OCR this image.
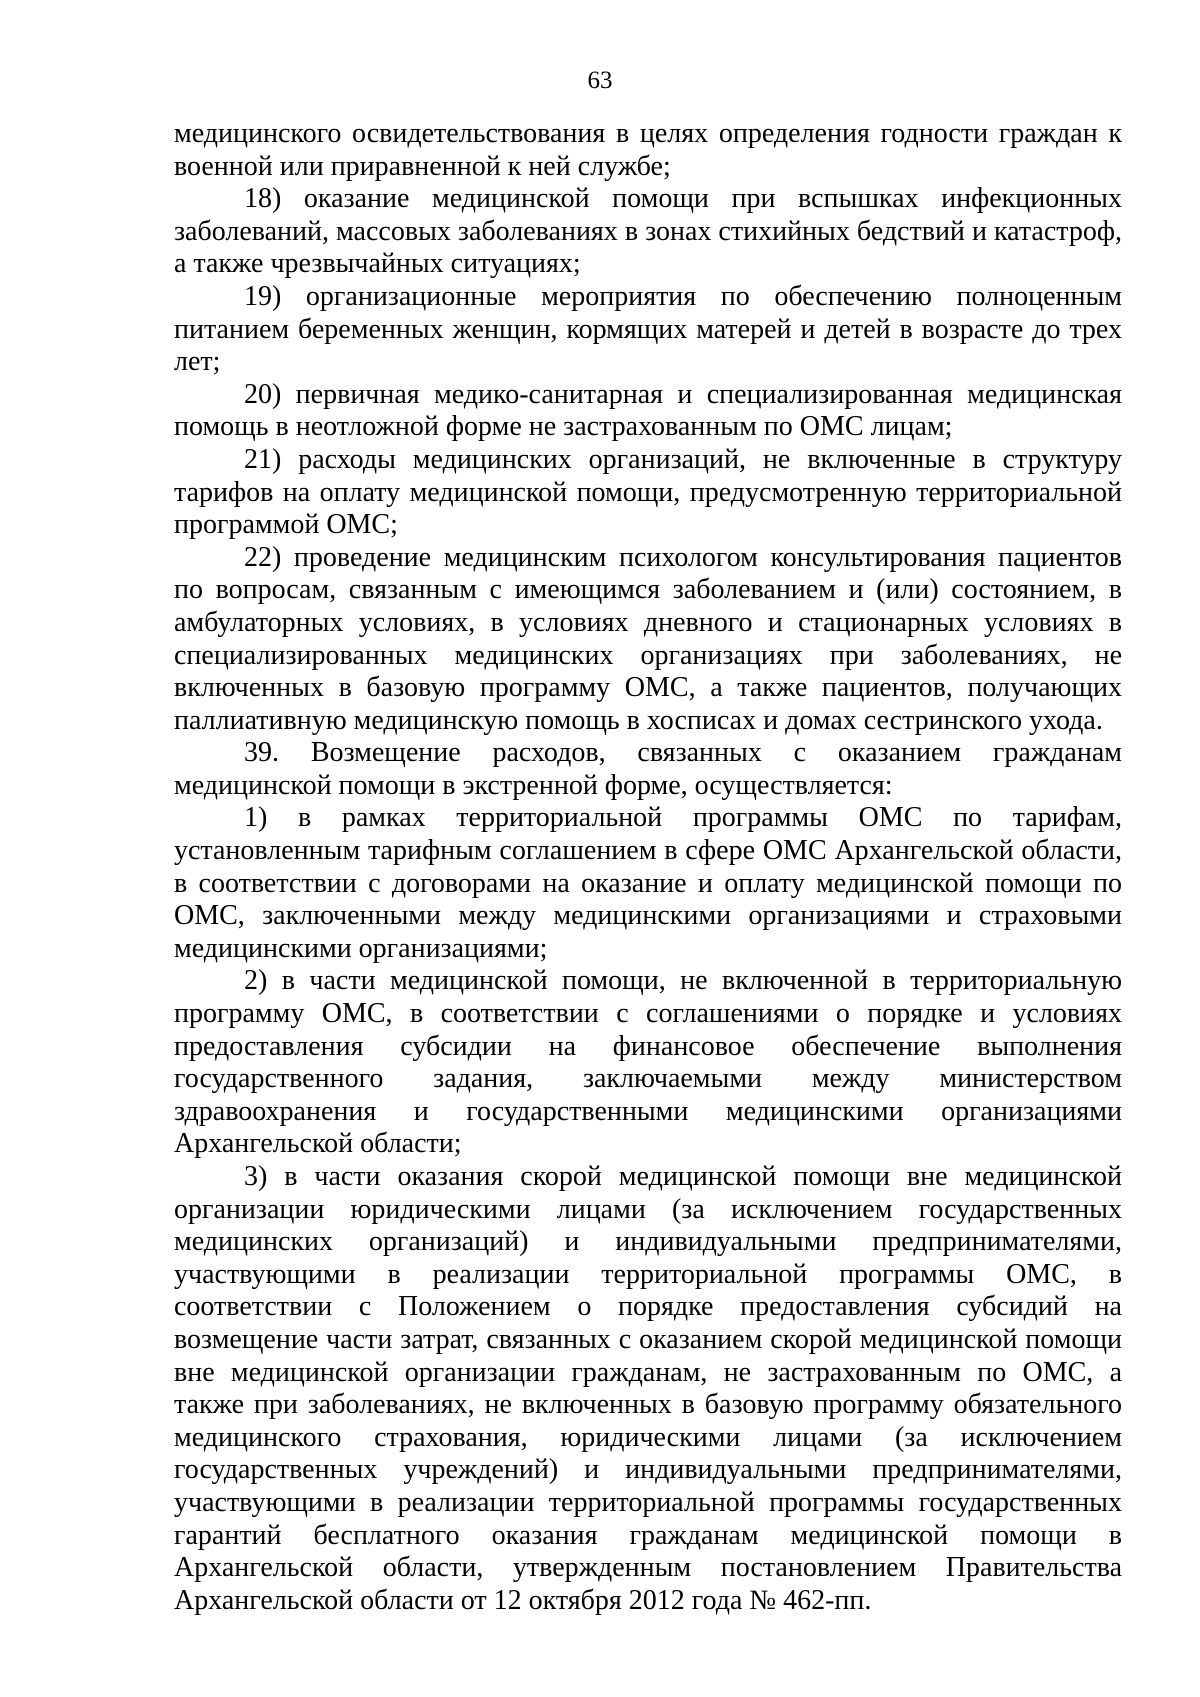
63

медицинского освидетельствования в целях определения годности граждан к военной или приравненной к ней службе;

18) оказание медицинской помощи при вспышках инфекционных заболеваний, массовых заболеваниях в зонах стихийных бедствий и катастроф, а также чрезвычайных ситуациях;

19) организационные мероприятия по обеспечению полноценным питанием беременных женщин, кормящих матерей и детей в возрасте до трех лет;

20) первичная медико-санитарная и специализированная медицинская помощь в неотложной форме не застрахованным по ОМС лицам;

21) расходы медицинских организаций, не включенные в структуру тарифов на оплату медицинской помощи, предусмотренную территориальной программой ОМС;

22) проведение медицинским психологом консультирования пациентов по вопросам, связанным с имеющимся заболеванием и (или) состоянием, в амбулаторных условиях, в условиях дневного и стационарных условиях в специализированных медицинских организациях при заболеваниях, не включенных в базовую программу ОМС, а также пациентов, получающих паллиативную медицинскую помощь в хосписах и домах сестринского ухода.

39. Возмещение расходов, связанных с оказанием гражданам медицинской помощи в экстренной форме, осуществляется:

1) в рамках территориальной программы ОМС по тарифам, установленным тарифным соглашением в сфере ОМС Архангельской области, в соответствии с договорами на оказание и оплату медицинской помощи по ОМС, заключенными между медицинскими организациями и страховыми медицинскими организациями;

2) в части медицинской помощи, не включенной в территориальную программу ОМС, в соответствии с соглашениями о порядке и условиях предоставления субсидии на финансовое обеспечение выполнения государственного задания, заключаемыми между министерством здравоохранения и государственными медицинскими организациями Архангельской области;

3) в части оказания скорой медицинской помощи вне медицинской организации юридическими лицами (за исключением государственных медицинских организаций) и индивидуальными предпринимателями, участвующими в реализации территориальной программы ОМС, в соответствии с Положением о порядке предоставления субсидий на возмещение части затрат, связанных с оказанием скорой медицинской помощи вне медицинской организации гражданам, не застрахованным по ОМС, а также при заболеваниях, не включенных в базовую программу обязательного медицинского страхования, юридическими лицами (за исключением государственных учреждений) и индивидуальными предпринимателями, участвующими в реализации территориальной программы государственных гарантий бесплатного оказания гражданам медицинской помощи в Архангельской области, утвержденным постановлением Правительства Архангельской области от 12 октября 2012 года № 462-пп.
